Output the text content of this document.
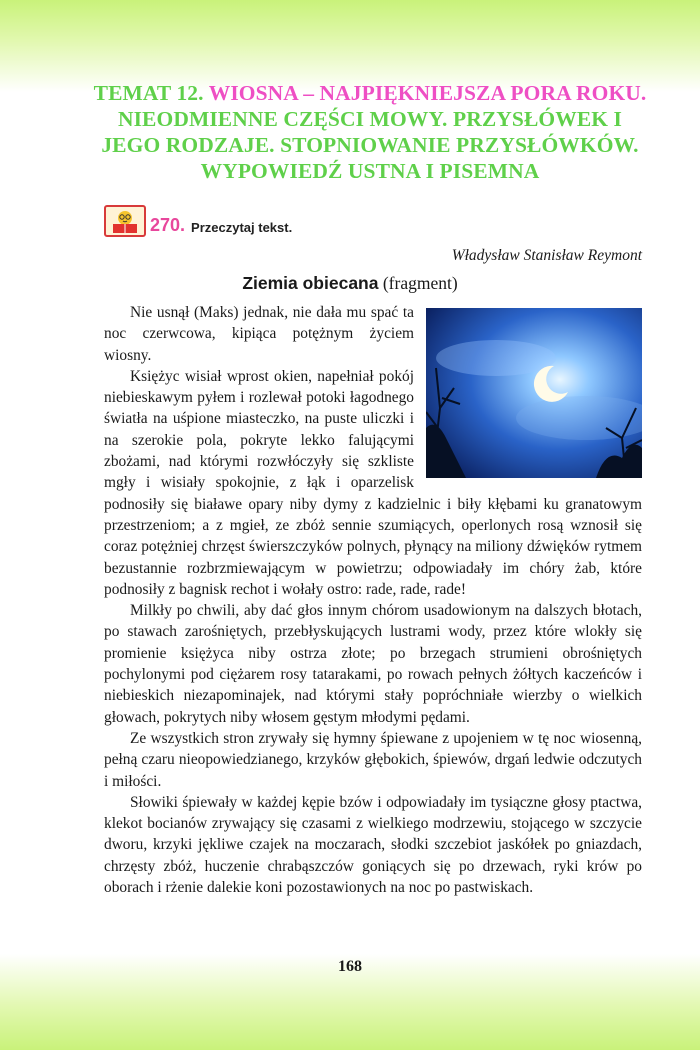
TEMAT 12. WIOSNA – NAJPIĘKNIEJSZA PORA ROKU. NIEODMIENNE CZĘŚCI MOWY. PRZYSŁÓWEK I JEGO RODZAJE. STOPNIOWANIE PRZYSŁÓWKÓW. WYPOWIEDŹ USTNA I PISEMNA
270. Przeczytaj tekst.
Władysław Stanisław Reymont
Ziemia obiecana (fragment)

Nie usnął (Maks) jednak, nie dała mu spać ta noc czerwcowa, kipiąca potężnym życiem wiosny.

Księżyc wisiał wprost okien, napełniał pokój niebieskawym pyłem i rozlewał potoki łagodnego światła na uśpione miasteczko, na puste uliczki i na szerokie pola, pokryte lekko falującymi zbożami, nad którymi rozwłóczyły się szkliste mgły i wisiały spokojnie, z łąk i oparzelisk podnosiły się białawe opary niby dymy z kadzielnic i biły kłębami ku granatowym przestrzeniom; a z mgieł, ze zbóż sennie szumiących, operlonych rosą wznosił się coraz potężniej chrzęst świerszczyków polnych, płynący na miliony dźwięków rytmem bezustannie rozbrzmiewającym w powietrzu; odpowiadały im chóry żab, które podnosiły z bagnisk rechot i wołały ostro: rade, rade, rade!

Milkły po chwili, aby dać głos innym chórom usadowionym na dalszych błotach, po stawach zarośniętych, przebłyskujących lustrami wody, przez które wlokły się promienie księżyca niby ostrza złote; po brzegach strumieni obrośniętych pochylonymi pod ciężarem rosy tatarakami, po rowach pełnych żółtych kaczeńców i niebieskich niezapominajek, nad którymi stały popróchniałe wierzby o wielkich głowach, pokrytych niby włosem gęstym młodymi pędami.

Ze wszystkich stron zrywały się hymny śpiewane z upojeniem w tę noc wiosenną, pełną czaru nieopowiedzianego, krzyków głębokich, śpiewów, drgań ledwie odczutych i miłości.

Słowiki śpiewały w każdej kępie bzów i odpowiadały im tysiączne głosy ptactwa, klekot bocianów zrywający się czasami z wielkiego modrzewiu, stojącego w szczycie dworu, krzyki jękliwe czajek na moczarach, słodki szczebiot jaskółek po gniazdach, chrzęsty zbóż, huczenie chrabąszczów goniących się po drzewach, ryki krów po oborach i rżenie dalekie koni pozostawionych na noc po pastwiskach.

168
